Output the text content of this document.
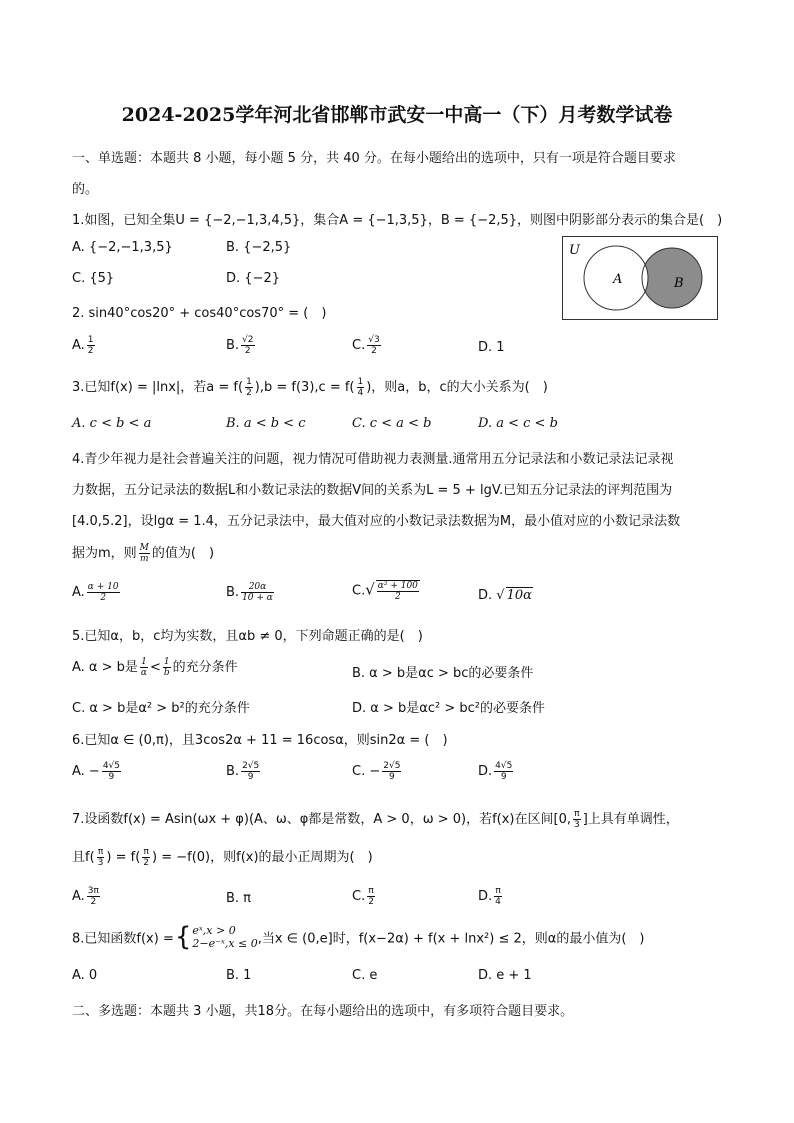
2024-2025学年河北省邯郸市武安一中高一（下）月考数学试卷
一、单选题：本题共 8 小题，每小题 5 分，共 40 分。在每小题给出的选项中，只有一项是符合题目要求
的。
1.如图，已知全集U = {−2,−1,3,4,5}，集合A = {−1,3,5}，B = {−2,5}，则图中阴影部分表示的集合是(　)
A. {−2,−1,3,5}	B. {−2,5}
C. {5}	D. {−2}
U
A	B
2. sin40°cos20° + cos40°cos70° = (　)
A. $\frac{1}{2}$	B. $\frac{√2}{2}$	C. $\frac{√3}{2}$	D. 1
3.已知f(x) = |lnx|，若$a = f( \frac{1}{2} ),b = f(3),c = f( \frac{1}{4}$ )，则a，b，c的大小关系为(　)
A. c < b < a	B. a < b < c	C. c < a < b	D. a < c < b
4.青少年视力是社会普遍关注的问题，视力情况可借助视力表测量.通常用五分记录法和小数记录法记录视
力数据，五分记录法的数据L和小数记录法的数据V间的关系为L = 5 + lgV.已知五分记录法的评判范围为
[4.0,5.2]，设lgα = 1.4，五分记录法中，最大值对应的小数记录法数据为M，最小值对应的小数记录法数
据为m，则 $\frac{M}{m}$ 的值为(　)
A. $\frac{\alpha + 10}{2}$	B. $\frac{20\alpha}{10 + \alpha}$	$C.√ \frac{\text{α² + 100}}{2}$	D. √ 10α
5.已知α，b，c均为实数，且αb ≠ 0，下列命题正确的是(　)
A. α > b是 $\frac{1}{\alpha} < \frac{1}{b}$ 的充分条件	B. α > b是αc > bc的必要条件
C. α > b是α² > b²的充分条件	D. α > b是αc² > bc²的必要条件
6.已知α ∈ (0,π)，且3cos2α + 11 = 16cosα，则sin2α = (　)
A. − $\frac{4√5}{9}$	B. $\frac{2√5}{9}$	C. − $\frac{2√5}{9}$	D. $\frac{4√5}{9}$
7.设函数f(x) = Asin(ωx + φ)(A、ω、φ都是常数，A > 0，ω > 0)，若f(x)在区间[0, $\frac{\pi}{3}$ ]上具有单调性，
且$f( \frac{\pi}{3}$ ) = $f( \frac{\pi}{2}$ ) = −f(0)，则f(x)的最小正周期为(　)
A. $\frac{3\pi}{2}$	B. π	C. $\frac{\pi}{2}$	D. $\frac{\pi}{4}$
8.已知函数f(x) ={ eˣ,x > 0
2−e⁻ˣ,x ≤ 0 ,当x ∈ (0,e]时，f(x−2α) + f(x + lnx²) ≤ 2，则α的最小值为(　)
A. 0	B. 1	C. e	D. e + 1
二、多选题：本题共 3 小题，共18分。在每小题给出的选项中，有多项符合题目要求。
